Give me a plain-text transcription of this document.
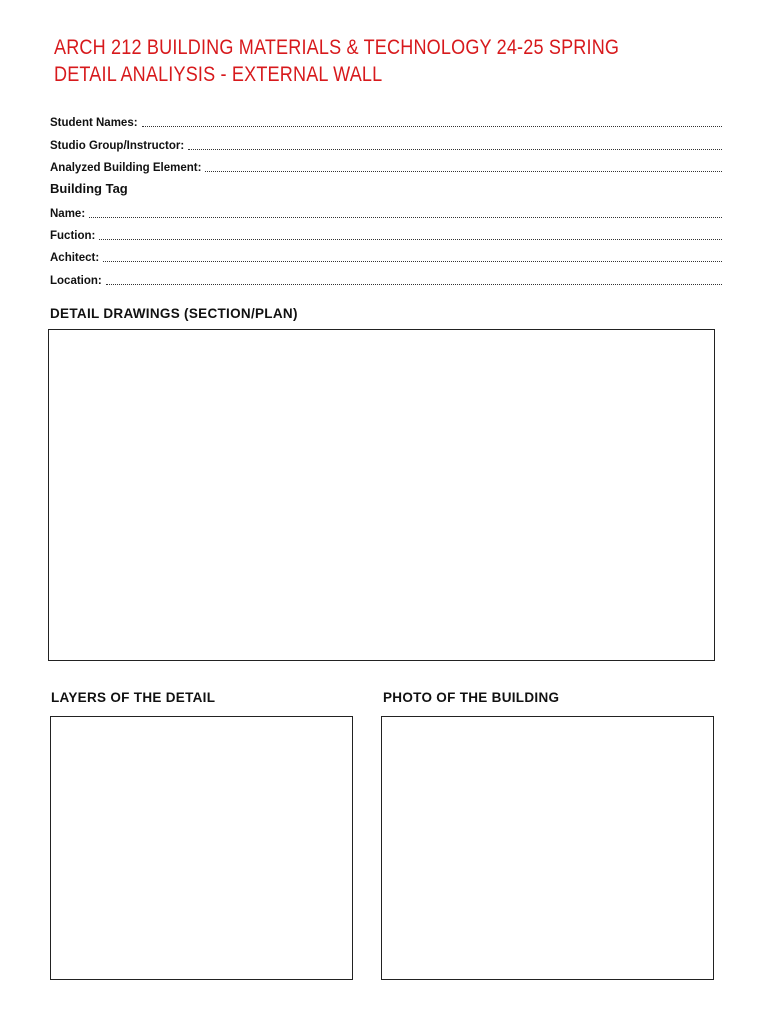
ARCH 212 BUILDING MATERIALS & TECHNOLOGY 24-25 SPRING
DETAIL ANALIYSIS - EXTERNAL WALL
Student Names:
Studio Group/Instructor:
Analyzed Building Element:
Building Tag
Name:
Fuction:
Achitect:
Location:
DETAIL DRAWINGS (SECTION/PLAN)
LAYERS OF THE DETAIL	PHOTO OF THE BUILDING
